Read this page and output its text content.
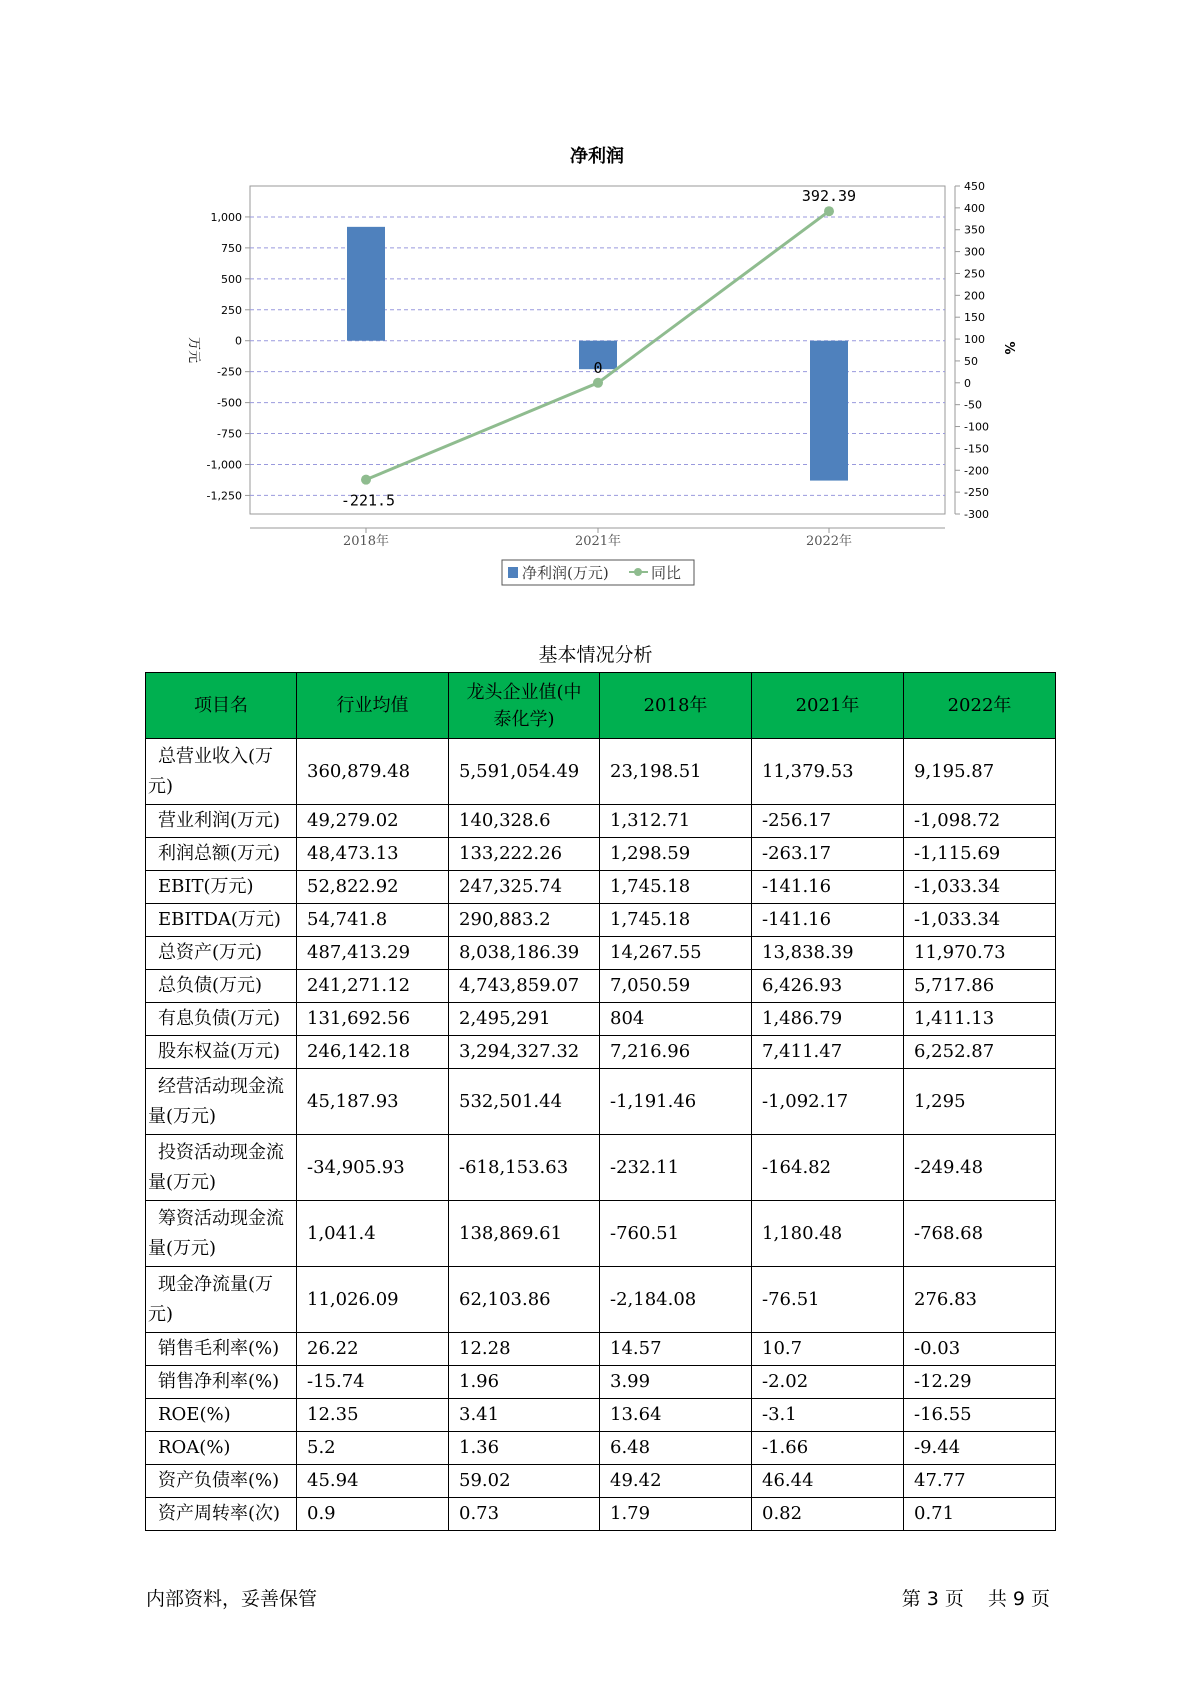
净利润
1,000
750
500
250
0
-250
-500
-750
-1,000
-1,250
450
400
350
300
250
200
150
100
50
0
-50
-100
-150
-200
-250
-300
2018年	2021年	2022年
-221.5
0
392.39
万元	%
净利润(万元)	同比
基本情况分析
项目名	行业均值	龙头企业值(中泰化学)	2018年	2021年	2022年
总营业收入(万元)	360,879.48	5,591,054.49	23,198.51	11,379.53	9,195.87
营业利润(万元)	49,279.02	140,328.6	1,312.71	-256.17	-1,098.72
利润总额(万元)	48,473.13	133,222.26	1,298.59	-263.17	-1,115.69
EBIT(万元)	52,822.92	247,325.74	1,745.18	-141.16	-1,033.34
EBITDA(万元)	54,741.8	290,883.2	1,745.18	-141.16	-1,033.34
总资产(万元)	487,413.29	8,038,186.39	14,267.55	13,838.39	11,970.73
总负债(万元)	241,271.12	4,743,859.07	7,050.59	6,426.93	5,717.86
有息负债(万元)	131,692.56	2,495,291	804	1,486.79	1,411.13
股东权益(万元)	246,142.18	3,294,327.32	7,216.96	7,411.47	6,252.87
经营活动现金流量(万元)	45,187.93	532,501.44	-1,191.46	-1,092.17	1,295
投资活动现金流量(万元)	-34,905.93	-618,153.63	-232.11	-164.82	-249.48
筹资活动现金流量(万元)	1,041.4	138,869.61	-760.51	1,180.48	-768.68
现金净流量(万元)	11,026.09	62,103.86	-2,184.08	-76.51	276.83
销售毛利率(%)	26.22	12.28	14.57	10.7	-0.03
销售净利率(%)	-15.74	1.96	3.99	-2.02	-12.29
ROE(%)	12.35	3.41	13.64	-3.1	-16.55
ROA(%)	5.2	1.36	6.48	-1.66	-9.44
资产负债率(%)	45.94	59.02	49.42	46.44	47.77
资产周转率(次)	0.9	0.73	1.79	0.82	0.71
内部资料，妥善保管	第 3 页 共 9 页
